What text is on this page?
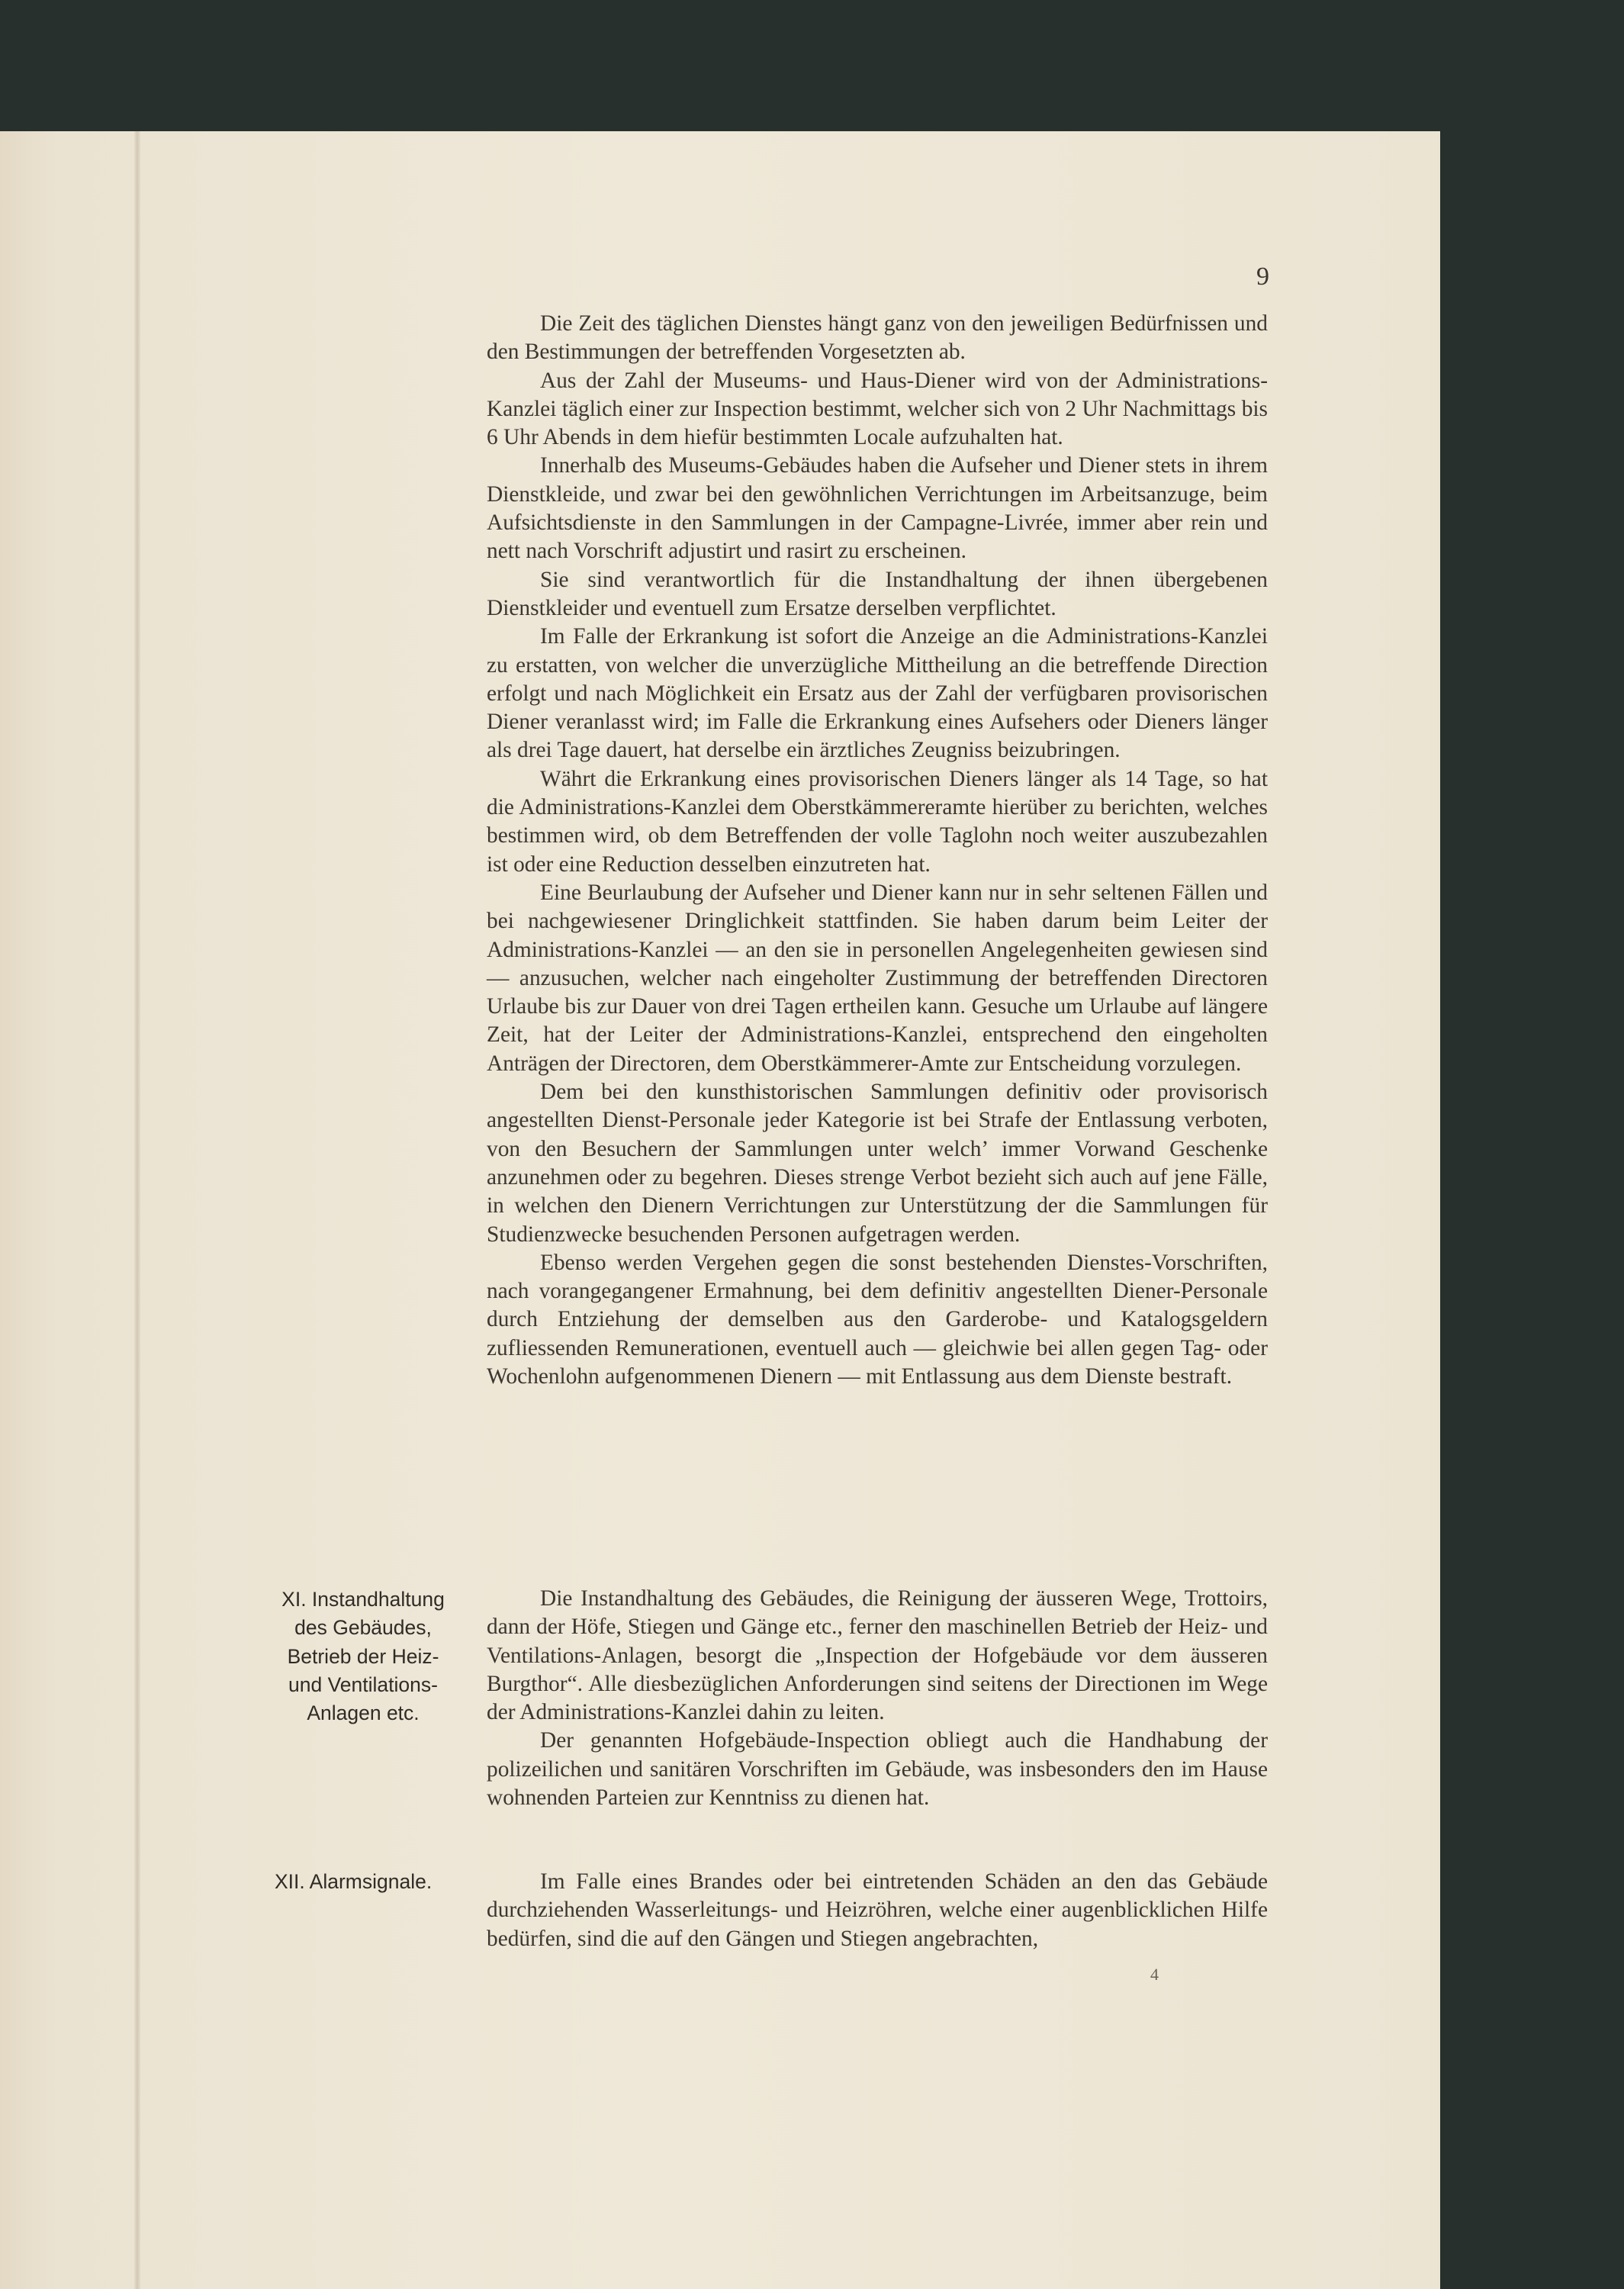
9

Die Zeit des täglichen Dienstes hängt ganz von den jeweiligen Bedürfnissen und den Bestimmungen der betreffenden Vorgesetzten ab.

Aus der Zahl der Museums- und Haus-Diener wird von der Administrations-Kanzlei täglich einer zur Inspection bestimmt, welcher sich von 2 Uhr Nachmittags bis 6 Uhr Abends in dem hiefür bestimmten Locale aufzuhalten hat.

Innerhalb des Museums-Gebäudes haben die Aufseher und Diener stets in ihrem Dienstkleide, und zwar bei den gewöhnlichen Verrichtungen im Arbeitsanzuge, beim Aufsichtsdienste in den Sammlungen in der Campagne-Livrée, immer aber rein und nett nach Vorschrift adjustirt und rasirt zu erscheinen.

Sie sind verantwortlich für die Instandhaltung der ihnen übergebenen Dienstkleider und eventuell zum Ersatze derselben verpflichtet.

Im Falle der Erkrankung ist sofort die Anzeige an die Administrations-Kanzlei zu erstatten, von welcher die unverzügliche Mittheilung an die betreffende Direction erfolgt und nach Möglichkeit ein Ersatz aus der Zahl der verfügbaren provisorischen Diener veranlasst wird; im Falle die Erkrankung eines Aufsehers oder Dieners länger als drei Tage dauert, hat derselbe ein ärztliches Zeugniss beizubringen.

Währt die Erkrankung eines provisorischen Dieners länger als 14 Tage, so hat die Administrations-Kanzlei dem Oberstkämmereramte hierüber zu berichten, welches bestimmen wird, ob dem Betreffenden der volle Taglohn noch weiter auszubezahlen ist oder eine Reduction desselben einzutreten hat.

Eine Beurlaubung der Aufseher und Diener kann nur in sehr seltenen Fällen und bei nachgewiesener Dringlichkeit stattfinden. Sie haben darum beim Leiter der Administrations-Kanzlei — an den sie in personellen Angelegenheiten gewiesen sind — anzusuchen, welcher nach eingeholter Zustimmung der betreffenden Directoren Urlaube bis zur Dauer von drei Tagen ertheilen kann. Gesuche um Urlaube auf längere Zeit, hat der Leiter der Administrations-Kanzlei, entsprechend den eingeholten Anträgen der Directoren, dem Oberstkämmerer-Amte zur Entscheidung vorzulegen.

Dem bei den kunsthistorischen Sammlungen definitiv oder provisorisch angestellten Dienst-Personale jeder Kategorie ist bei Strafe der Entlassung verboten, von den Besuchern der Sammlungen unter welch’ immer Vorwand Geschenke anzunehmen oder zu begehren. Dieses strenge Verbot bezieht sich auch auf jene Fälle, in welchen den Dienern Verrichtungen zur Unterstützung der die Sammlungen für Studienzwecke besuchenden Personen aufgetragen werden.

Ebenso werden Vergehen gegen die sonst bestehenden Dienstes-Vorschriften, nach vorangegangener Ermahnung, bei dem definitiv angestellten Diener-Personale durch Entziehung der demselben aus den Garderobe- und Katalogsgeldern zufliessenden Remunerationen, eventuell auch — gleichwie bei allen gegen Tag- oder Wochenlohn aufgenommenen Dienern — mit Entlassung aus dem Dienste bestraft.

XI. Instandhaltung
des Gebäudes,
Betrieb der Heiz-
und Ventilations-
Anlagen etc.

Die Instandhaltung des Gebäudes, die Reinigung der äusseren Wege, Trottoirs, dann der Höfe, Stiegen und Gänge etc., ferner den maschinellen Betrieb der Heiz- und Ventilations-Anlagen, besorgt die „Inspection der Hofgebäude vor dem äusseren Burgthor“. Alle diesbezüglichen Anforderungen sind seitens der Directionen im Wege der Administrations-Kanzlei dahin zu leiten.

Der genannten Hofgebäude-Inspection obliegt auch die Handhabung der polizeilichen und sanitären Vorschriften im Gebäude, was insbesonders den im Hause wohnenden Parteien zur Kenntniss zu dienen hat.

XII. Alarmsignale.	Im Falle eines Brandes oder bei eintretenden Schäden an den das Gebäude durchziehenden Wasserleitungs- und Heizröhren, welche einer augenblicklichen Hilfe bedürfen, sind die auf den Gängen und Stiegen angebrachten,

4
